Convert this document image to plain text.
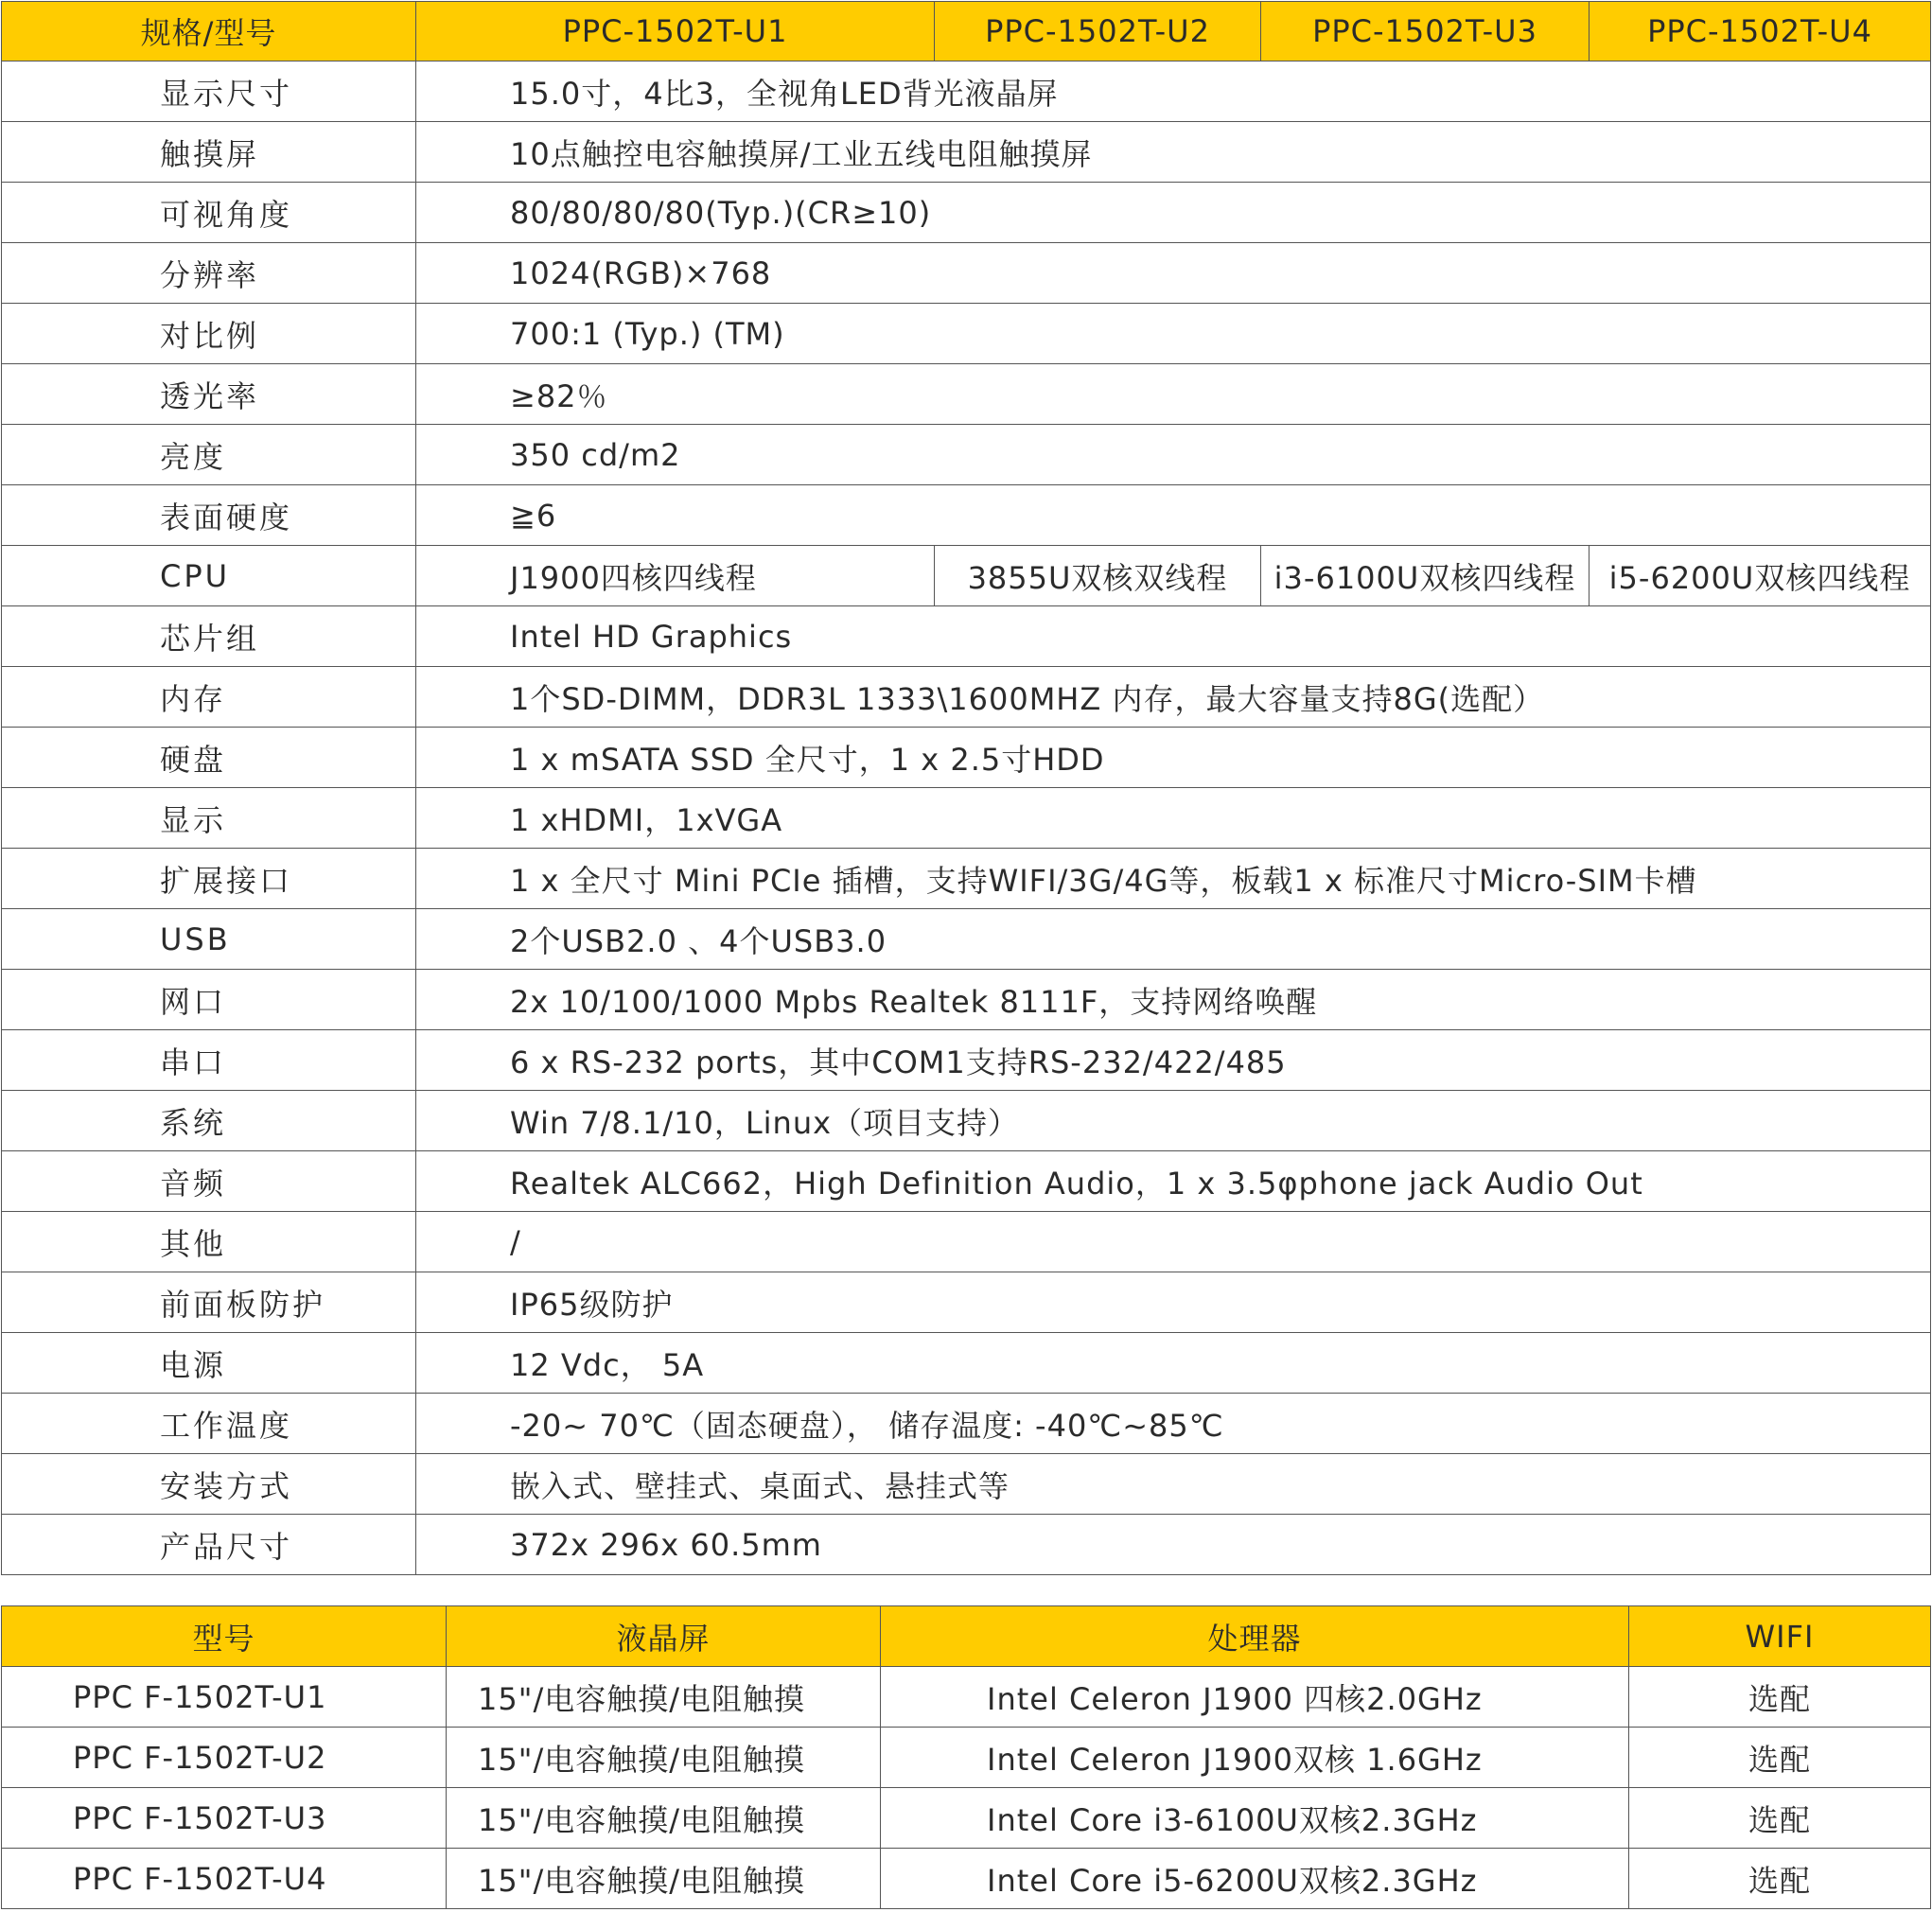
规格/型号	PPC-1502T-U1	PPC-1502T-U2	PPC-1502T-U3	PPC-1502T-U4
显示尺寸	15.0寸，4比3，全视角LED背光液晶屏			
触摸屏	10点触控电容触摸屏/工业五线电阻触摸屏			
可视角度	80/80/80/80(Typ.)(CR≥10)			
分辨率	1024(RGB)×768			
对比例	700:1 (Typ.) (TM)			
透光率	≥82％			
亮度	350 cd/m2			
表面硬度	≧6			
CPU	J1900四核四线程	3855U双核双线程	i3-6100U双核四线程	i5-6200U双核四线程
芯片组	Intel HD Graphics			
内存	1个SD-DIMM，DDR3L 1333\1600MHZ 内存，最大容量支持8G(选配）			
硬盘	1 x mSATA SSD 全尺寸，1 x 2.5寸HDD			
显示	1 xHDMI，1xVGA			
扩展接口	1 x 全尺寸 Mini PCIe 插槽，支持WIFI/3G/4G等，板载1 x 标准尺寸Micro-SIM卡槽			
USB	2个USB2.0 、4个USB3.0			
网口	2x 10/100/1000 Mpbs Realtek 8111F，支持网络唤醒			
串口	6 x RS-232 ports，其中COM1支持RS-232/422/485			
系统	Win 7/8.1/10，Linux（项目支持）			
音频	Realtek ALC662，High Definition Audio，1 x 3.5φphone jack Audio Out			
其他	/			
前面板防护	IP65级防护			
电源	12 Vdc， 5A			
工作温度	-20~ 70℃（固态硬盘）， 储存温度: -40℃~85℃			
安装方式	嵌入式、壁挂式、桌面式、悬挂式等			
产品尺寸	372x 296x 60.5mm			
型号	液晶屏	处理器	WIFI
PPC F-1502T-U1	15"/电容触摸/电阻触摸	Intel Celeron J1900 四核2.0GHz	选配
PPC F-1502T-U2	15"/电容触摸/电阻触摸	Intel Celeron J1900双核 1.6GHz	选配
PPC F-1502T-U3	15"/电容触摸/电阻触摸	Intel Core i3-6100U双核2.3GHz	选配
PPC F-1502T-U4	15"/电容触摸/电阻触摸	Intel Core i5-6200U双核2.3GHz	选配
